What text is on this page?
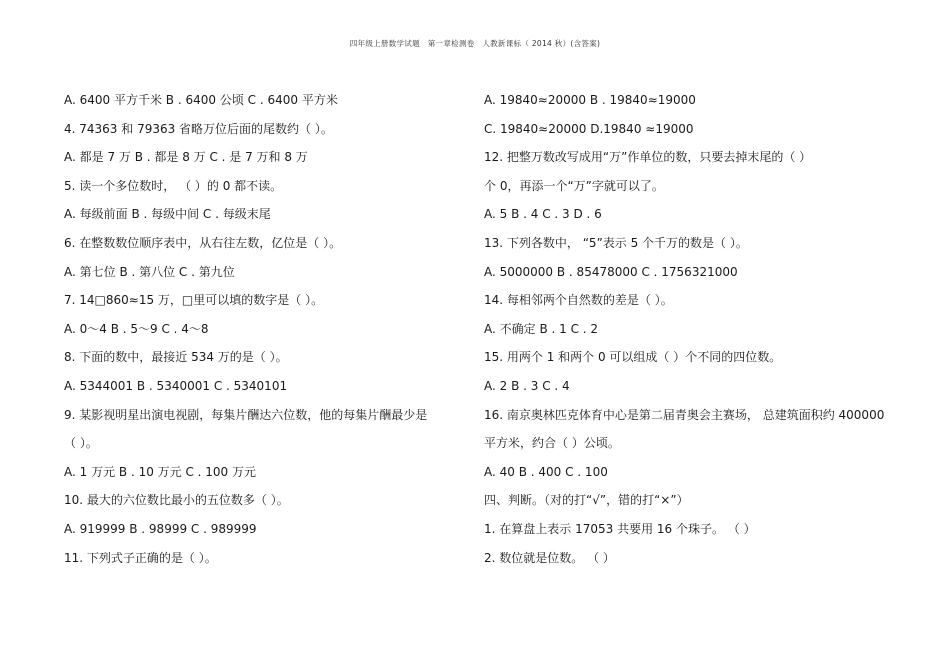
四年级上册数学试题　第一章检测卷　人教新课标（ 2014 秋）(含答案)
A. 6400 平方千米 B . 6400 公顷 C . 6400 平方米
4. 74363 和 79363 省略万位后面的尾数约（ ）。
A. 都是 7 万 B . 都是 8 万 C . 是 7 万和 8 万
5. 读一个多位数时， （ ）的 0 都不读。
A. 每级前面 B . 每级中间 C . 每级末尾
6. 在整数数位顺序表中，从右往左数，亿位是（ ）。
A. 第七位 B . 第八位 C . 第九位
7. 14□860≈15 万，□里可以填的数字是（ ）。
A. 0～4 B . 5～9 C . 4～8
8. 下面的数中，最接近 534 万的是（ ）。
A. 5344001 B . 5340001 C . 5340101
9. 某影视明星出演电视剧，每集片酬达六位数，他的每集片酬最少是
（ ）。
A. 1 万元 B . 10 万元 C . 100 万元
10. 最大的六位数比最小的五位数多（ ）。
A. 919999 B . 98999 C . 989999
11. 下列式子正确的是（ ）。
A. 19840≈20000 B . 19840≈19000
C. 19840≈20000 D.19840 ≈19000
12. 把整万数改写成用“万”作单位的数，只要去掉末尾的（ ）
个 0，再添一个“万”字就可以了。
A. 5 B . 4 C . 3 D . 6
13. 下列各数中， “5”表示 5 个千万的数是（ ）。
A. 5000000 B . 85478000 C . 1756321000
14. 每相邻两个自然数的差是（ ）。
A. 不确定 B . 1 C . 2
15. 用两个 1 和两个 0 可以组成（ ）个不同的四位数。
A. 2 B . 3 C . 4
16. 南京奥林匹克体育中心是第二届青奥会主赛场， 总建筑面积约 400000
平方米，约合（ ）公顷。
A. 40 B . 400 C . 100
四、判断。（对的打“√”，错的打“×”）
1. 在算盘上表示 17053 共要用 16 个珠子。 （ ）
2. 数位就是位数。 （ ）
